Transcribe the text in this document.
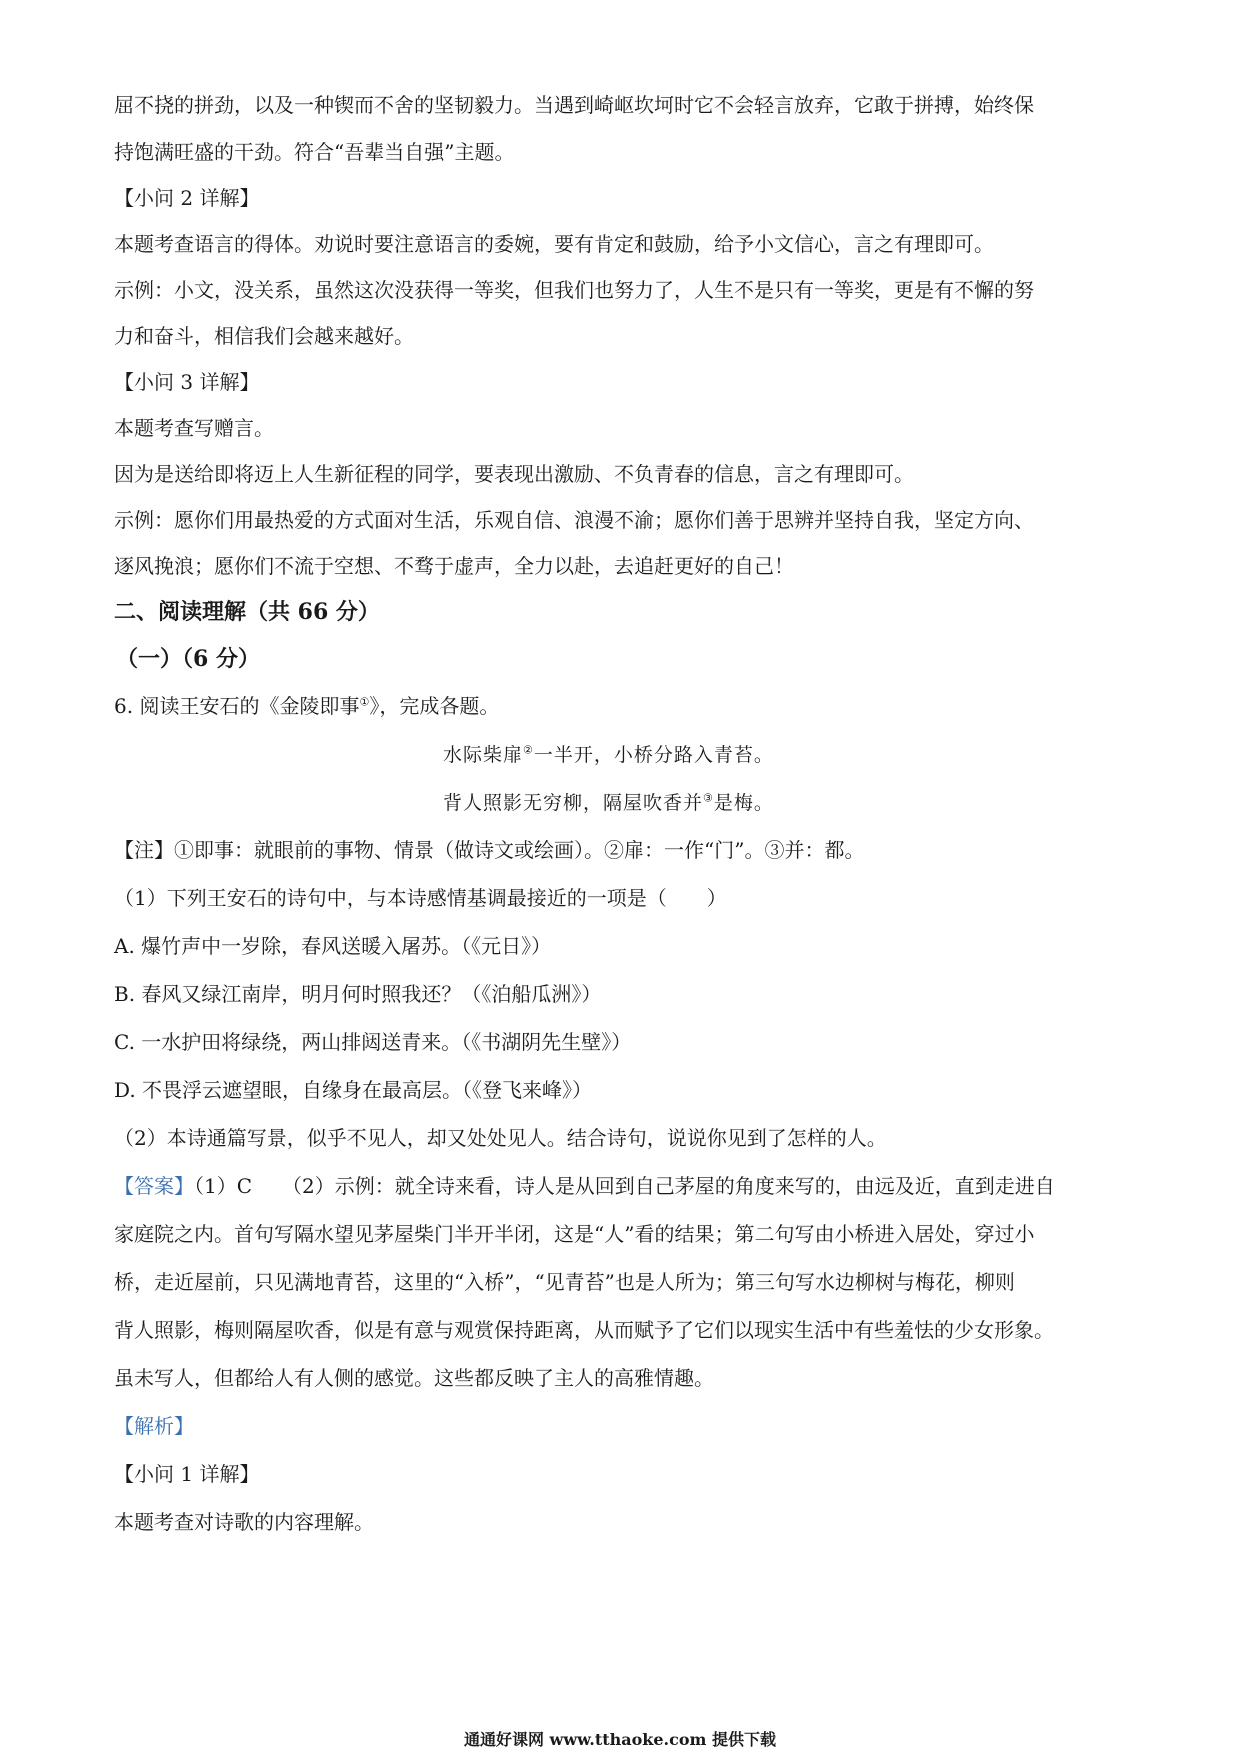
屈不挠的拼劲，以及一种锲而不舍的坚韧毅力。当遇到崎岖坎坷时它不会轻言放弃，它敢于拼搏，始终保
持饱满旺盛的干劲。符合“吾辈当自强”主题。
【小问 2 详解】
本题考查语言的得体。劝说时要注意语言的委婉，要有肯定和鼓励，给予小文信心，言之有理即可。
示例：小文，没关系，虽然这次没获得一等奖，但我们也努力了，人生不是只有一等奖，更是有不懈的努
力和奋斗，相信我们会越来越好。
【小问 3 详解】
本题考查写赠言。
因为是送给即将迈上人生新征程的同学，要表现出激励、不负青春的信息，言之有理即可。
示例：愿你们用最热爱的方式面对生活，乐观自信、浪漫不渝；愿你们善于思辨并坚持自我，坚定方向、
逐风挽浪；愿你们不流于空想、不骛于虚声，全力以赴，去追赶更好的自己！
二、阅读理解（共 66 分）
（一）（6 分）
6. 阅读王安石的《金陵即事①》，完成各题。
水际柴扉②一半开，小桥分路入青苔。
背人照影无穷柳，隔屋吹香并③是梅。
【注】①即事：就眼前的事物、情景（做诗文或绘画）。②扉：一作“门”。③并：都。
（1）下列王安石的诗句中，与本诗感情基调最接近的一项是（　　）
A. 爆竹声中一岁除，春风送暖入屠苏。（《元日》）
B. 春风又绿江南岸，明月何时照我还？（《泊船瓜洲》）
C. 一水护田将绿绕，两山排闼送青来。（《书湖阴先生壁》）
D. 不畏浮云遮望眼，自缘身在最高层。（《登飞来峰》）
（2）本诗通篇写景，似乎不见人，却又处处见人。结合诗句，说说你见到了怎样的人。
【答案】（1）C　　（2）示例：就全诗来看，诗人是从回到自己茅屋的角度来写的，由远及近，直到走进自
家庭院之内。首句写隔水望见茅屋柴门半开半闭，这是“人”看的结果；第二句写由小桥进入居处，穿过小
桥，走近屋前，只见满地青苔，这里的“入桥”，“见青苔”也是人所为；第三句写水边柳树与梅花，柳则
背人照影，梅则隔屋吹香，似是有意与观赏保持距离，从而赋予了它们以现实生活中有些羞怯的少女形象。
虽未写人，但都给人有人侧的感觉。这些都反映了主人的高雅情趣。
【解析】
【小问 1 详解】
本题考查对诗歌的内容理解。
通通好课网 www.tthaoke.com 提供下载
